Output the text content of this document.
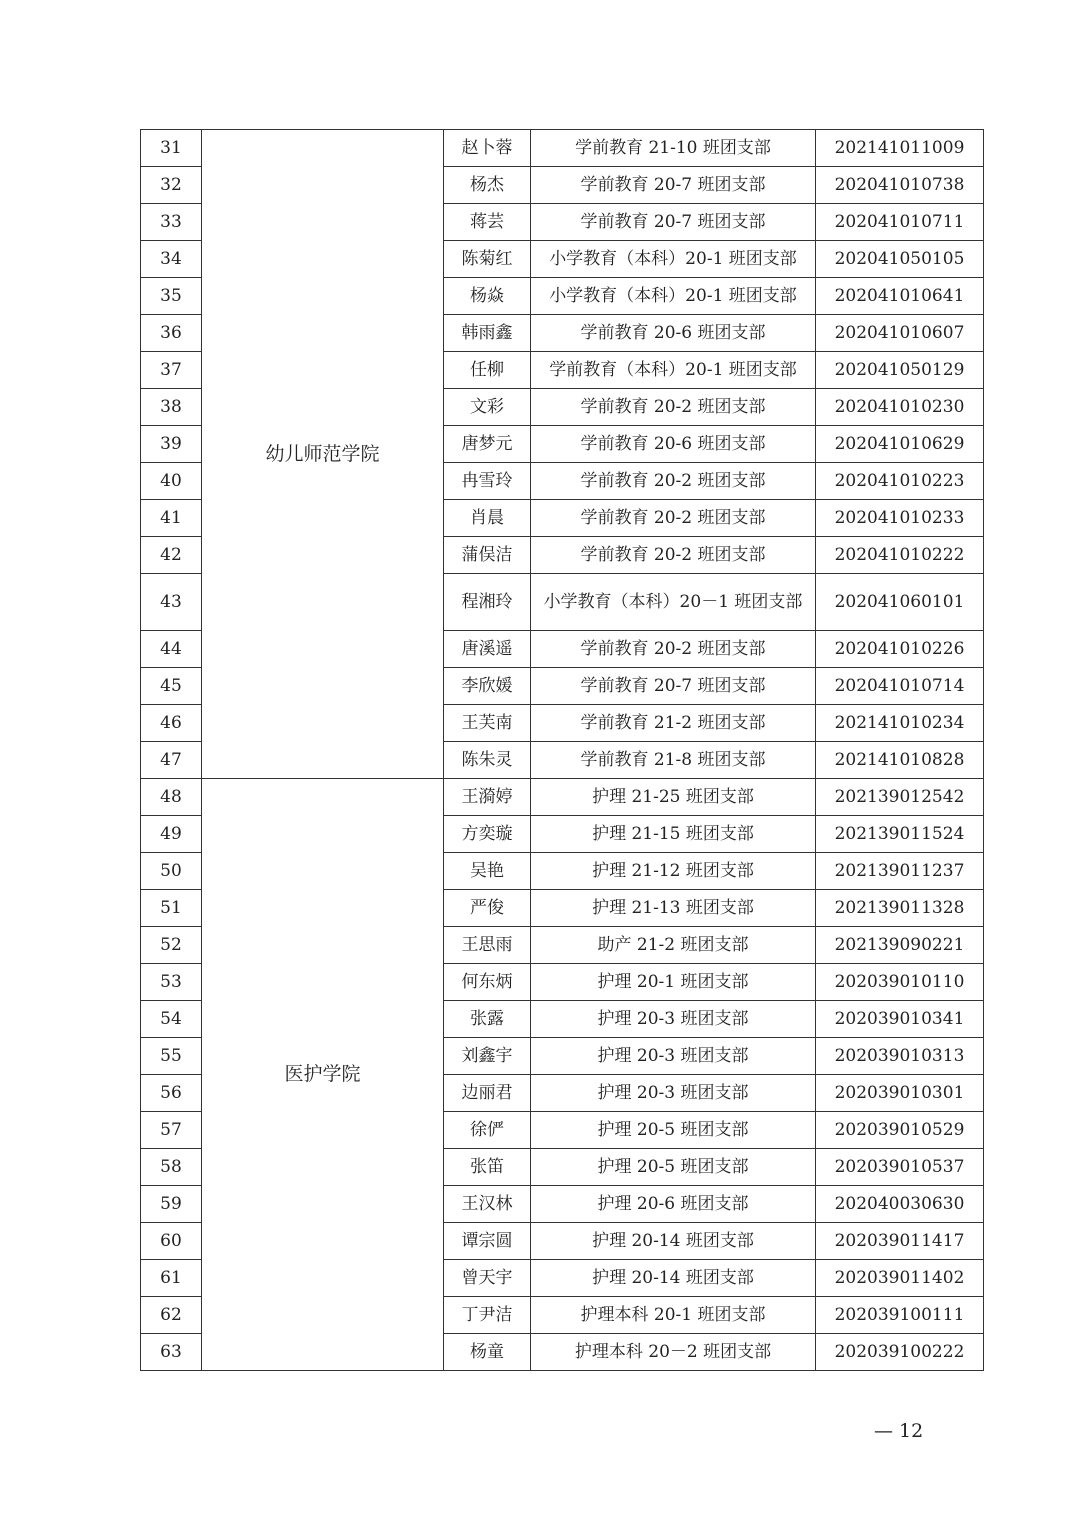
31	幼儿师范学院	赵卜蓉	学前教育 21-10 班团支部	202141011009
32		杨杰	学前教育 20-7 班团支部	202041010738
33		蒋芸	学前教育 20-7 班团支部	202041010711
34		陈菊红	小学教育（本科）20-1 班团支部	202041050105
35		杨焱	小学教育（本科）20-1 班团支部	202041010641
36		韩雨鑫	学前教育 20-6 班团支部	202041010607
37		任柳	学前教育（本科）20-1 班团支部	202041050129
38		文彩	学前教育 20-2 班团支部	202041010230
39		唐梦元	学前教育 20-6 班团支部	202041010629
40		冉雪玲	学前教育 20-2 班团支部	202041010223
41		肖晨	学前教育 20-2 班团支部	202041010233
42		蒲俣洁	学前教育 20-2 班团支部	202041010222
43		程湘玲	小学教育（本科）20－1 班团支部	202041060101
44		唐溪遥	学前教育 20-2 班团支部	202041010226
45		李欣媛	学前教育 20-7 班团支部	202041010714
46		王芙南	学前教育 21-2 班团支部	202141010234
47		陈朱灵	学前教育 21-8 班团支部	202141010828
48	医护学院	王漪婷	护理 21-25 班团支部	202139012542
49		方奕璇	护理 21-15 班团支部	202139011524
50		吴艳	护理 21-12 班团支部	202139011237
51		严俊	护理 21-13 班团支部	202139011328
52		王思雨	助产 21-2 班团支部	202139090221
53		何东炳	护理 20-1 班团支部	202039010110
54		张露	护理 20-3 班团支部	202039010341
55		刘鑫宇	护理 20-3 班团支部	202039010313
56		边丽君	护理 20-3 班团支部	202039010301
57		徐俨	护理 20-5 班团支部	202039010529
58		张笛	护理 20-5 班团支部	202039010537
59		王汉林	护理 20-6 班团支部	202040030630
60		谭宗圆	护理 20-14 班团支部	202039011417
61		曾天宇	护理 20-14 班团支部	202039011402
62		丁尹洁	护理本科 20-1 班团支部	202039100111
63		杨童	护理本科 20－2 班团支部	202039100222
— 12
